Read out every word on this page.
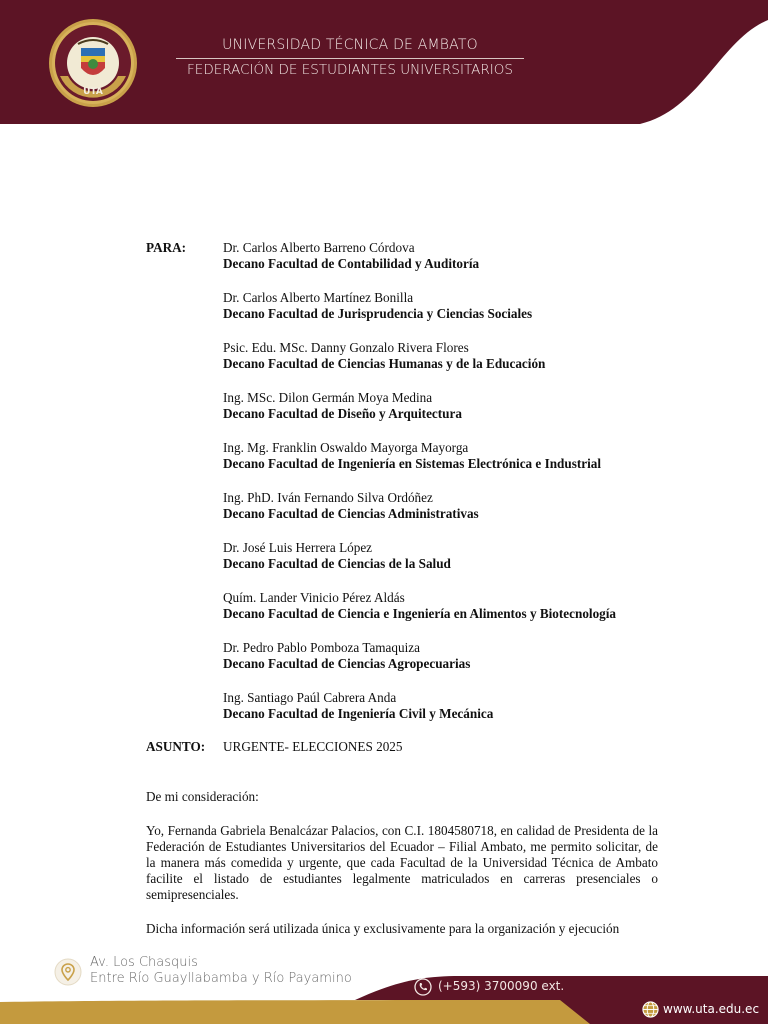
UTA
UNIVERSIDAD TÉCNICA DE AMBATO
FEDERACIÓN DE ESTUDIANTES UNIVERSITARIOS
PARA:	Dr. Carlos Alberto Barreno Córdova
Decano Facultad de Contabilidad y Auditoría
Dr. Carlos Alberto Martínez Bonilla
Decano Facultad de Jurisprudencia y Ciencias Sociales
Psic. Edu. MSc. Danny Gonzalo Rivera Flores
Decano Facultad de Ciencias Humanas y de la Educación
Ing. MSc. Dilon Germán Moya Medina
Decano Facultad de Diseño y Arquitectura
Ing. Mg. Franklin Oswaldo Mayorga Mayorga
Decano Facultad de Ingeniería en Sistemas Electrónica e Industrial
Ing. PhD. Iván Fernando Silva Ordóñez
Decano Facultad de Ciencias Administrativas
Dr. José Luis Herrera López
Decano Facultad de Ciencias de la Salud
Quím. Lander Vinicio Pérez Aldás
Decano Facultad de Ciencia e Ingeniería en Alimentos y Biotecnología
Dr. Pedro Pablo Pomboza Tamaquiza
Decano Facultad de Ciencias Agropecuarias
Ing. Santiago Paúl Cabrera Anda
Decano Facultad de Ingeniería Civil y Mecánica
ASUNTO:	URGENTE- ELECCIONES 2025
De mi consideración:
Yo, Fernanda Gabriela Benalcázar Palacios, con C.I. 1804580718, en calidad de Presidenta de la Federación de Estudiantes Universitarios del Ecuador – Filial Ambato, me permito solicitar, de la manera más comedida y urgente, que cada Facultad de la Universidad Técnica de Ambato facilite el listado de estudiantes legalmente matriculados en carreras presenciales o semipresenciales.
Dicha información será utilizada única y exclusivamente para la organización y ejecución
Av. Los Chasquis
Entre Río Guayllabamba y Río Payamino	(+593) 3700090 ext.
www.uta.edu.ec
